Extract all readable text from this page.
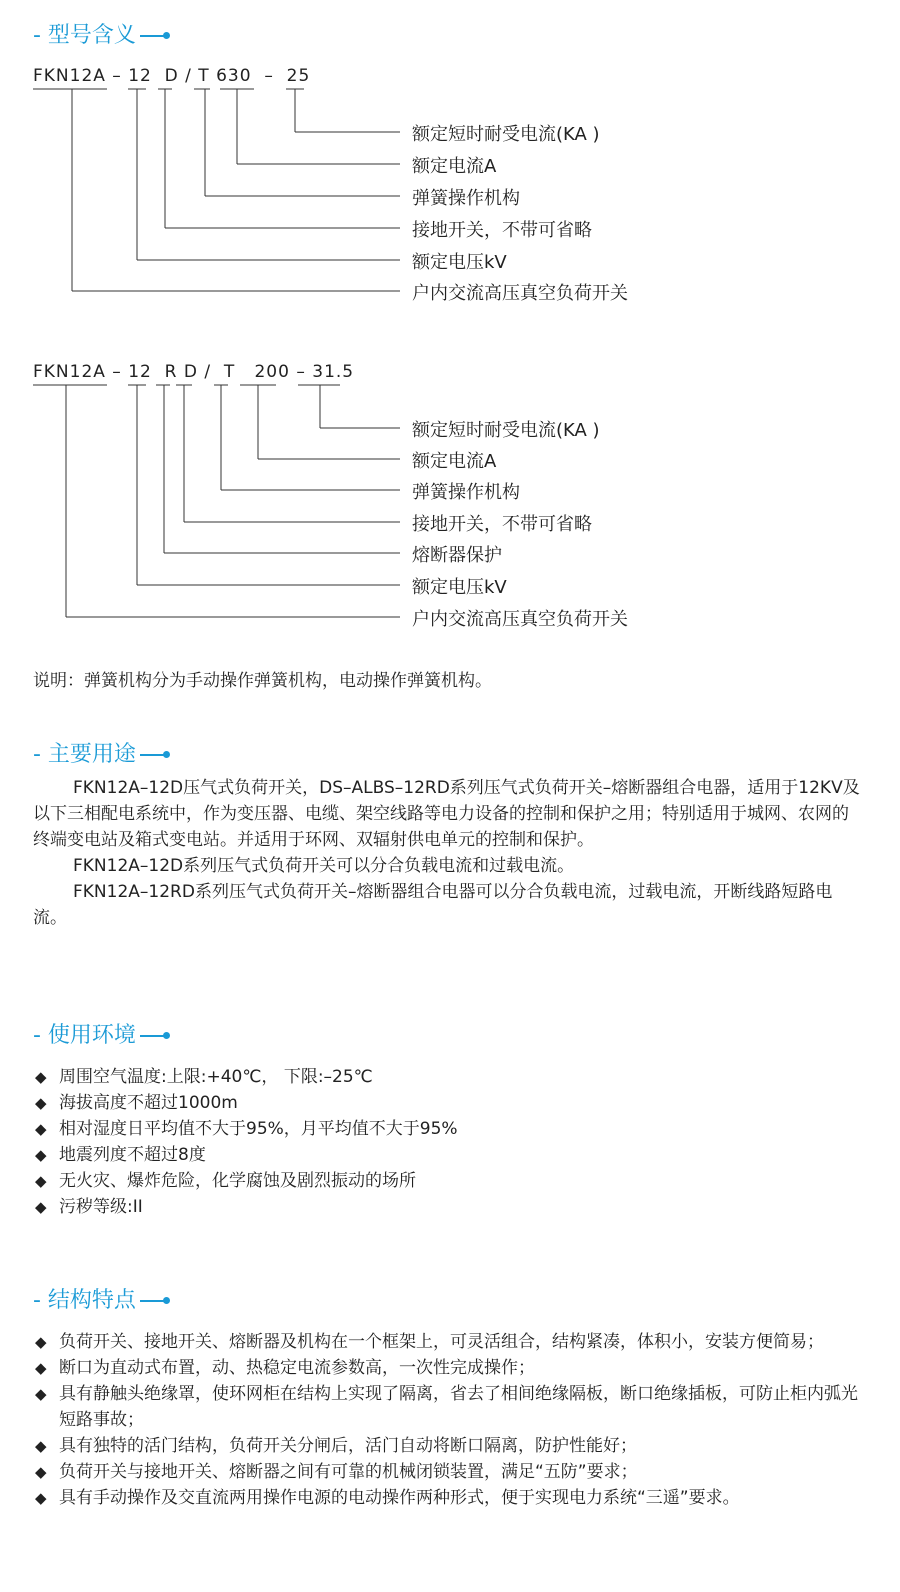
- 型号含义
FKN12A – 12  D / T 630  –  25
额定短时耐受电流(KA )
额定电流A
弹簧操作机构
接地开关，不带可省略
额定电压kV
户内交流高压真空负荷开关
FKN12A – 12  R D /  T   200 – 31.5
额定短时耐受电流(KA )
额定电流A
弹簧操作机构
接地开关，不带可省略
熔断器保护
额定电压kV
户内交流高压真空负荷开关
说明：弹簧机构分为手动操作弹簧机构，电动操作弹簧机构。
- 主要用途

FKN12A–12D压气式负荷开关，DS–ALBS–12RD系列压气式负荷开关–熔断器组合电器，适用于12KV及以下三相配电系统中，作为变压器、电缆、架空线路等电力设备的控制和保护之用；特别适用于城网、农网的终端变电站及箱式变电站。并适用于环网、双辐射供电单元的控制和保护。

FKN12A–12D系列压气式负荷开关可以分合负载电流和过载电流。

FKN12A–12RD系列压气式负荷开关–熔断器组合电器可以分合负载电流，过载电流，开断线路短路电流。

- 使用环境
◆ 周围空气温度:上限:+40℃， 下限:–25℃
◆ 海拔高度不超过1000m
◆ 相对湿度日平均值不大于95%，月平均值不大于95%
◆ 地震列度不超过8度
◆ 无火灾、爆炸危险，化学腐蚀及剧烈振动的场所
◆ 污秽等级:II
- 结构特点
◆ 负荷开关、接地开关、熔断器及机构在一个框架上，可灵活组合，结构紧凑，体积小，安装方便简易；
◆ 断口为直动式布置，动、热稳定电流参数高，一次性完成操作；
◆ 具有静触头绝缘罩，使环网柜在结构上实现了隔离，省去了相间绝缘隔板，断口绝缘插板，可防止柜内弧光短路事故；
◆ 具有独特的活门结构，负荷开关分闸后，活门自动将断口隔离，防护性能好；
◆ 负荷开关与接地开关、熔断器之间有可靠的机械闭锁装置，满足“五防”要求；
◆ 具有手动操作及交直流两用操作电源的电动操作两种形式，便于实现电力系统“三遥”要求。
